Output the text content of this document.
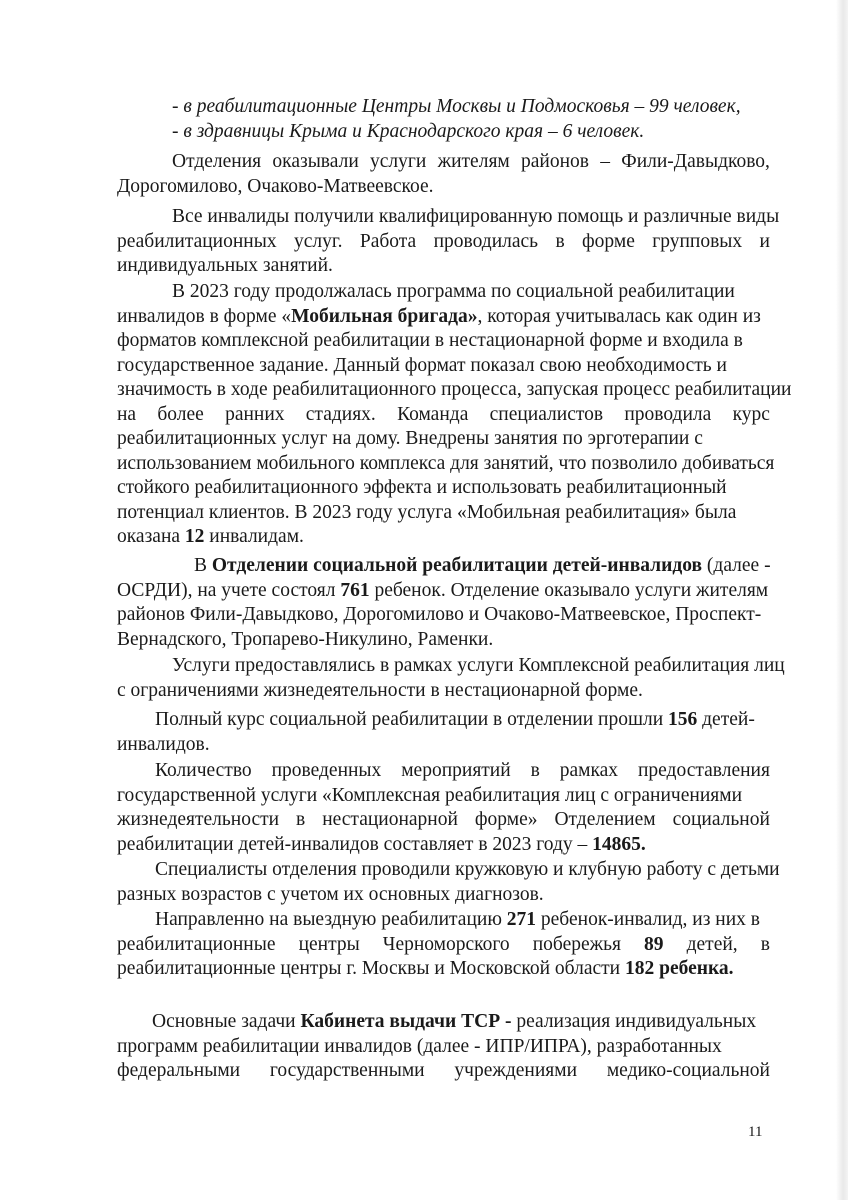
- в реабилитационные Центры Москвы и Подмосковья – 99 человек,
- в здравницы Крыма и Краснодарского края – 6 человек.
Отделения оказывали услуги жителям районов – Фили-Давыдково,
Дорогомилово, Очаково-Матвеевское.
Все инвалиды получили квалифицированную помощь и различные виды
реабилитационных услуг. Работа проводилась в форме групповых и
индивидуальных занятий.
В 2023 году продолжалась программа по социальной реабилитации
инвалидов в форме «Мобильная бригада», которая учитывалась как один из
форматов комплексной реабилитации в нестационарной форме и входила в
государственное задание. Данный формат показал свою необходимость и
значимость в ходе реабилитационного процесса, запуская процесс реабилитации
на более ранних стадиях. Команда специалистов проводила курс
реабилитационных услуг на дому. Внедрены занятия по эрготерапии с
использованием мобильного комплекса для занятий, что позволило добиваться
стойкого реабилитационного эффекта и использовать реабилитационный
потенциал клиентов. В 2023 году услуга «Мобильная реабилитация» была
оказана 12 инвалидам.
В Отделении социальной реабилитации детей-инвалидов (далее -
ОСРДИ), на учете состоял 761 ребенок. Отделение оказывало услуги жителям
районов Фили-Давыдково, Дорогомилово и Очаково-Матвеевское, Проспект-
Вернадского, Тропарево-Никулино, Раменки.
Услуги предоставлялись в рамках услуги Комплексной реабилитация лиц
с ограничениями жизнедеятельности в нестационарной форме.
Полный курс социальной реабилитации в отделении прошли 156 детей-
инвалидов.
Количество проведенных мероприятий в рамках предоставления
государственной услуги «Комплексная реабилитация лиц с ограничениями
жизнедеятельности в нестационарной форме» Отделением социальной
реабилитации детей-инвалидов составляет в 2023 году – 14865.
Специалисты отделения проводили кружковую и клубную работу с детьми
разных возрастов с учетом их основных диагнозов.
Направленно на выездную реабилитацию 271 ребенок-инвалид, из них в
реабилитационные центры Черноморского побережья 89 детей, в
реабилитационные центры г. Москвы и Московской области 182 ребенка.
Основные задачи Кабинета выдачи ТСР - реализация индивидуальных
программ реабилитации инвалидов (далее - ИПР/ИПРА), разработанных
федеральными государственными учреждениями медико-социальной
11
